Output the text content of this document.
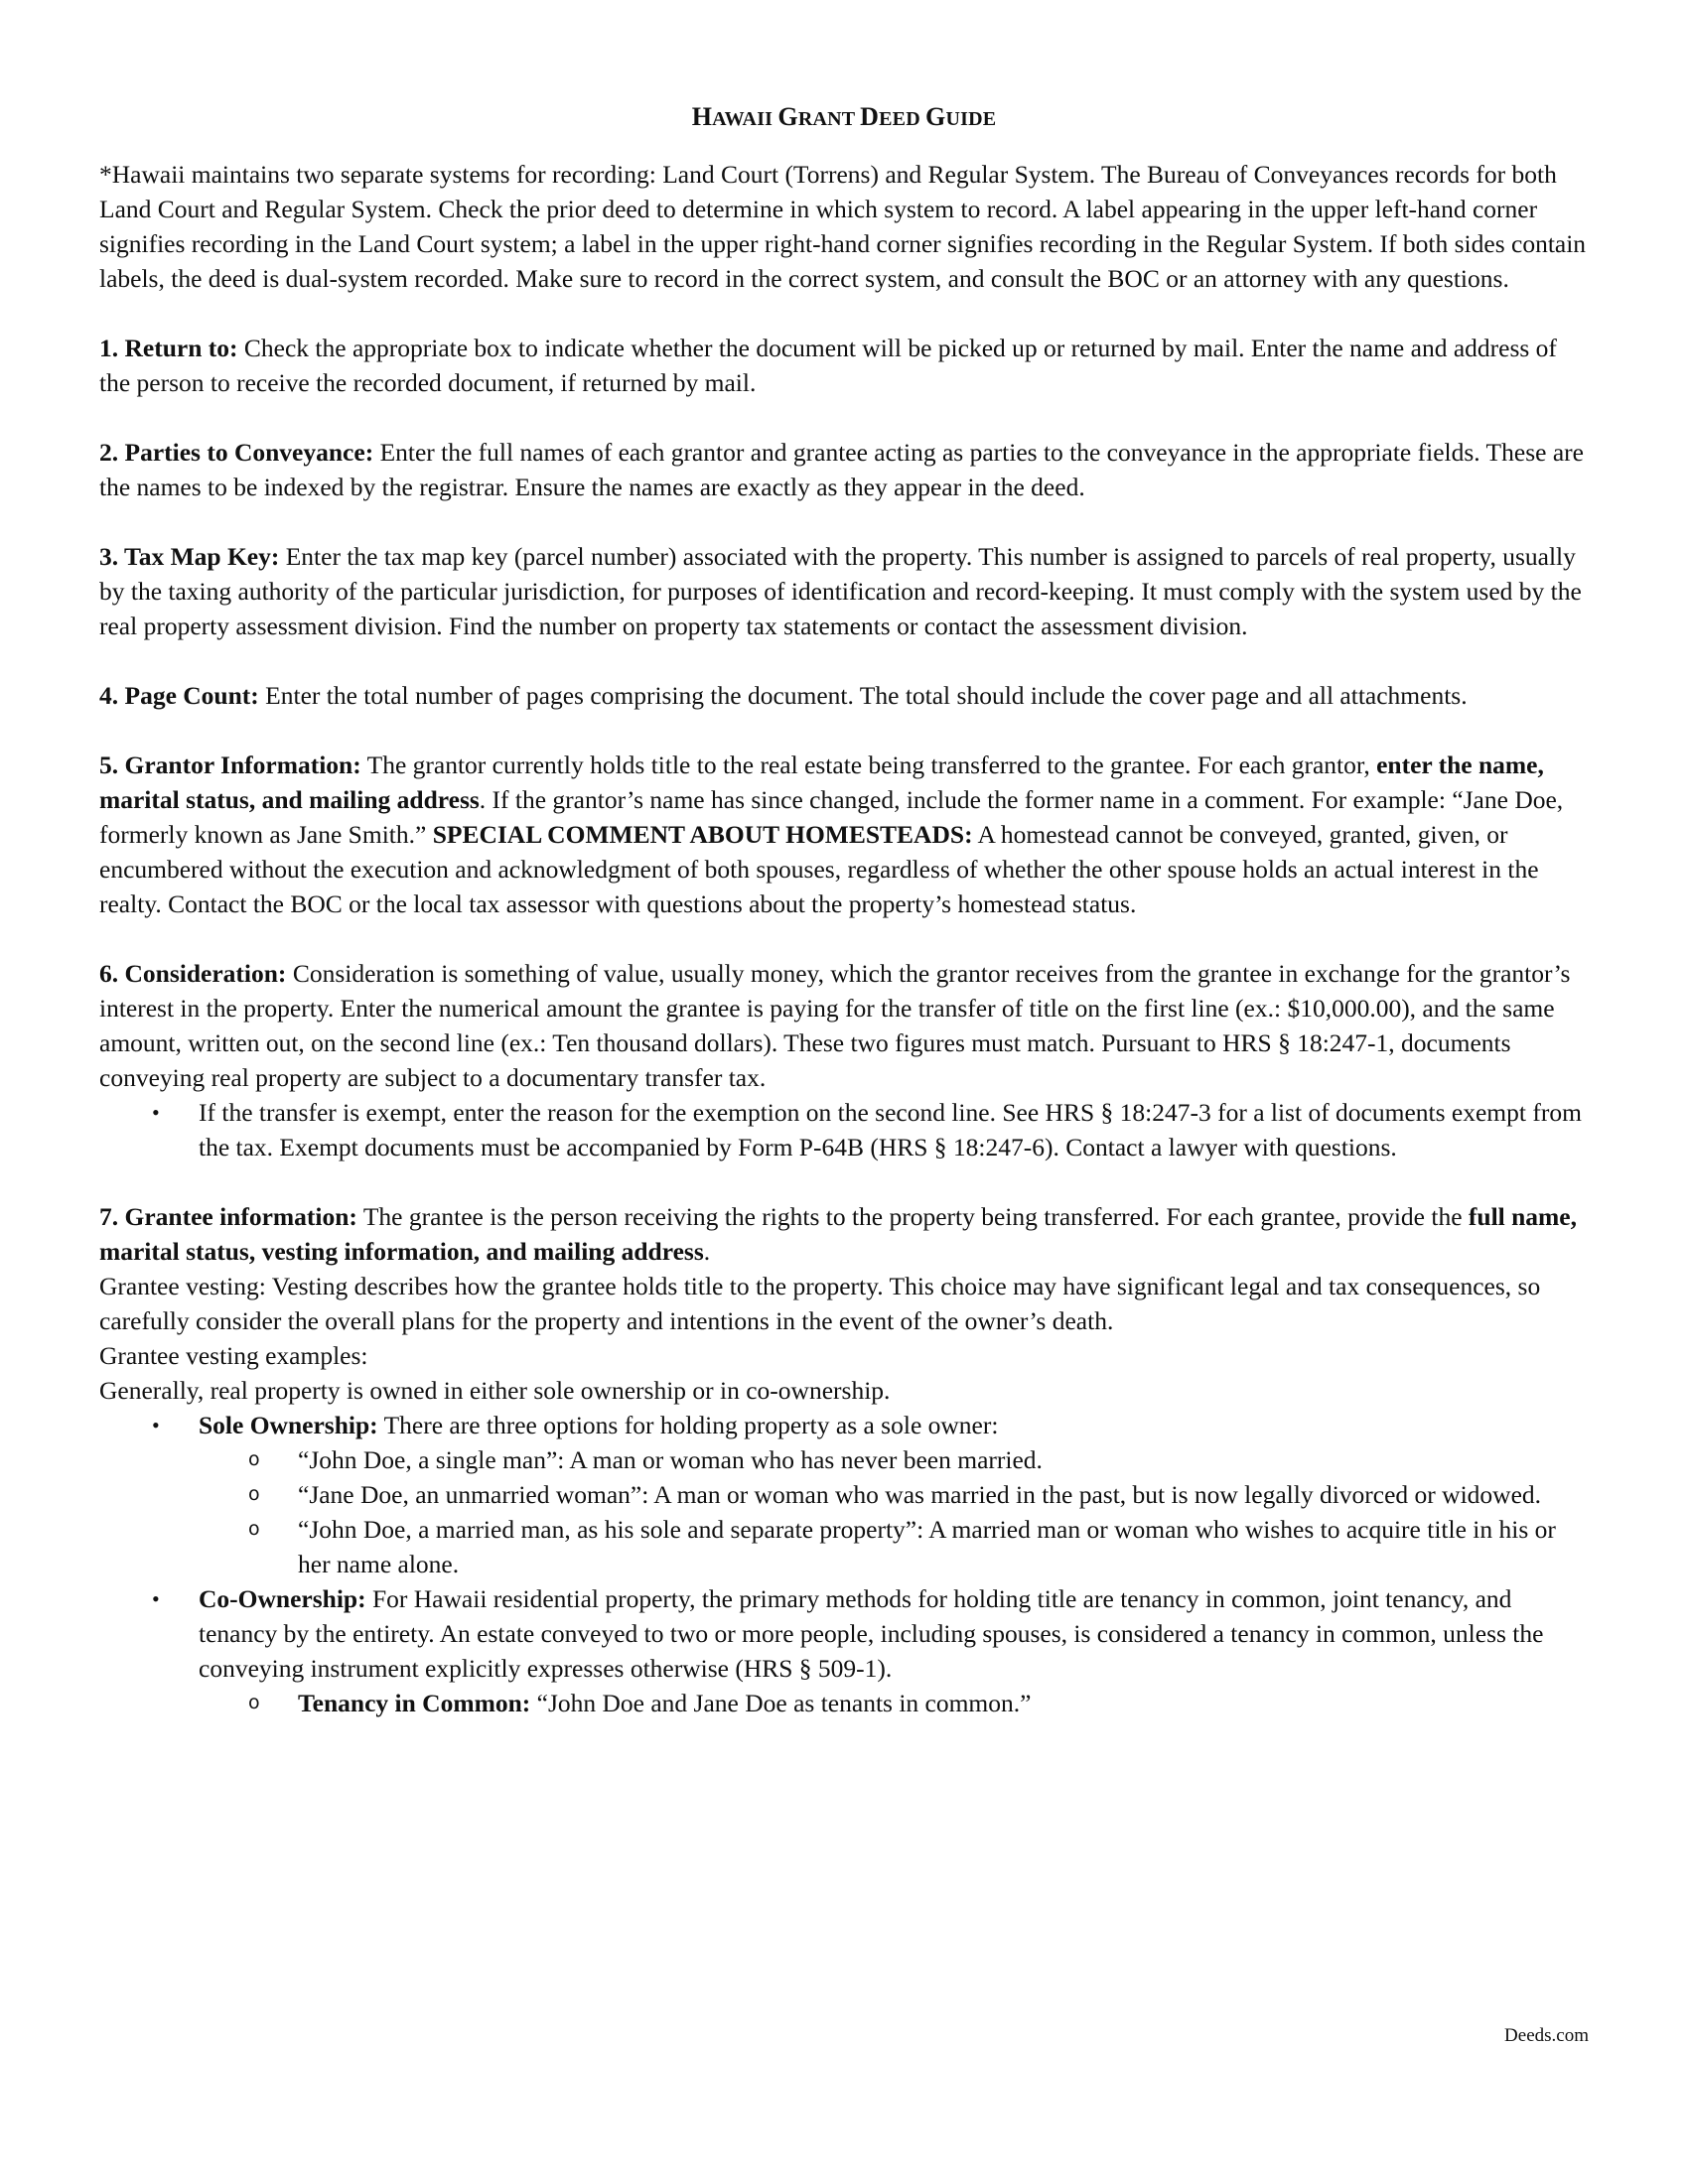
HAWAII GRANT DEED GUIDE

*Hawaii maintains two separate systems for recording: Land Court (Torrens) and Regular System. The Bureau of Conveyances records for both Land Court and Regular System. Check the prior deed to determine in which system to record. A label appearing in the upper left-hand corner signifies recording in the Land Court system; a label in the upper right-hand corner signifies recording in the Regular System. If both sides contain labels, the deed is dual-system recorded. Make sure to record in the correct system, and consult the BOC or an attorney with any questions.

1. Return to: Check the appropriate box to indicate whether the document will be picked up or returned by mail. Enter the name and address of the person to receive the recorded document, if returned by mail.

2. Parties to Conveyance: Enter the full names of each grantor and grantee acting as parties to the conveyance in the appropriate fields. These are the names to be indexed by the registrar. Ensure the names are exactly as they appear in the deed.

3. Tax Map Key: Enter the tax map key (parcel number) associated with the property. This number is assigned to parcels of real property, usually by the taxing authority of the particular jurisdiction, for purposes of identification and record-keeping. It must comply with the system used by the real property assessment division. Find the number on property tax statements or contact the assessment division.

4. Page Count: Enter the total number of pages comprising the document. The total should include the cover page and all attachments.

5. Grantor Information: The grantor currently holds title to the real estate being transferred to the grantee. For each grantor, enter the name, marital status, and mailing address. If the grantor’s name has since changed, include the former name in a comment. For example: “Jane Doe, formerly known as Jane Smith.” SPECIAL COMMENT ABOUT HOMESTEADS: A homestead cannot be conveyed, granted, given, or encumbered without the execution and acknowledgment of both spouses, regardless of whether the other spouse holds an actual interest in the realty. Contact the BOC or the local tax assessor with questions about the property’s homestead status.

6. Consideration: Consideration is something of value, usually money, which the grantor receives from the grantee in exchange for the grantor’s interest in the property. Enter the numerical amount the grantee is paying for the transfer of title on the first line (ex.: $10,000.00), and the same amount, written out, on the second line (ex.: Ten thousand dollars). These two figures must match. Pursuant to HRS § 18:247-1, documents conveying real property are subject to a documentary transfer tax.

• If the transfer is exempt, enter the reason for the exemption on the second line. See HRS § 18:247-3 for a list of documents exempt from the tax. Exempt documents must be accompanied by Form P-64B (HRS § 18:247-6). Contact a lawyer with questions.

7. Grantee information: The grantee is the person receiving the rights to the property being transferred. For each grantee, provide the full name, marital status, vesting information, and mailing address.

Grantee vesting: Vesting describes how the grantee holds title to the property. This choice may have significant legal and tax consequences, so carefully consider the overall plans for the property and intentions in the event of the owner’s death.

Grantee vesting examples:

Generally, real property is owned in either sole ownership or in co-ownership.

• Sole Ownership: There are three options for holding property as a sole owner:
o	“John Doe, a single man”: A man or woman who has never been married.
o	“Jane Doe, an unmarried woman”: A man or woman who was married in the past, but is now legally divorced or widowed.
o	“John Doe, a married man, as his sole and separate property”: A married man or woman who wishes to acquire title in his or her name alone.
• Co-Ownership: For Hawaii residential property, the primary methods for holding title are tenancy in common, joint tenancy, and tenancy by the entirety. An estate conveyed to two or more people, including spouses, is considered a tenancy in common, unless the conveying instrument explicitly expresses otherwise (HRS § 509-1).
o	Tenancy in Common: “John Doe and Jane Doe as tenants in common.”
Deeds.com
